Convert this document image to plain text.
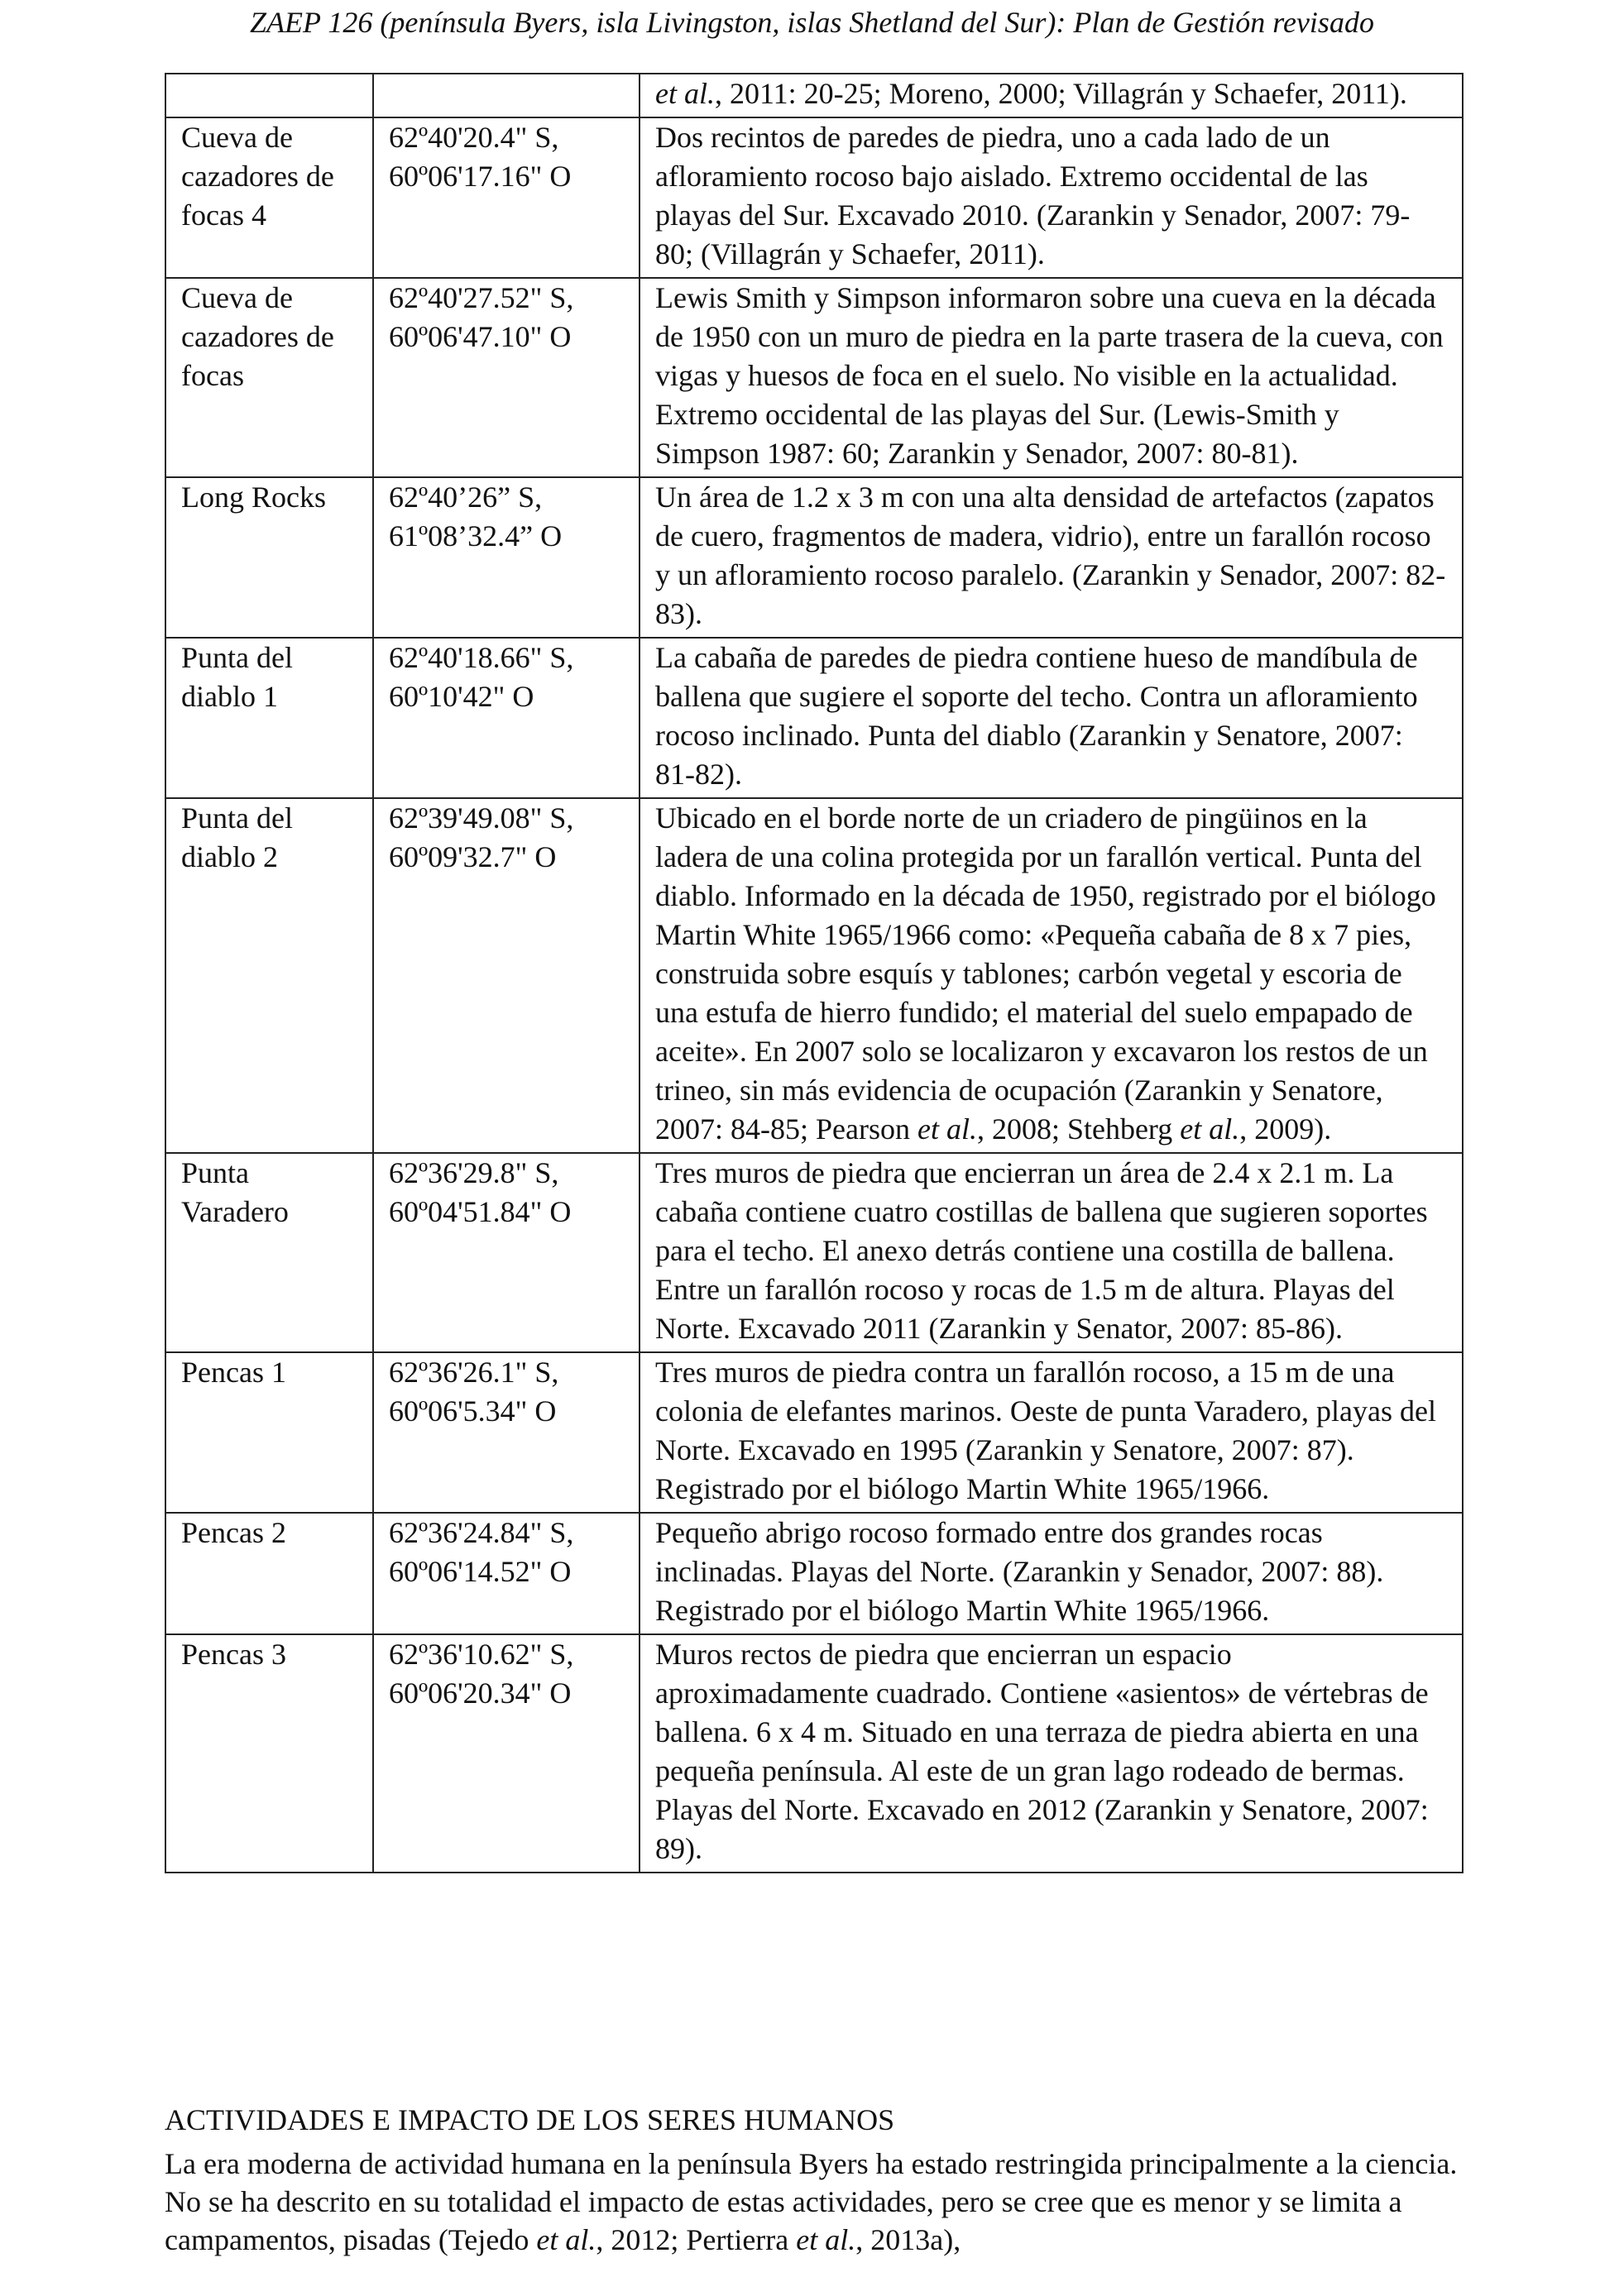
ZAEP 126 (península Byers, isla Livingston, islas Shetland del Sur): Plan de Gestión revisado
		et al., 2011: 20-25; Moreno, 2000; Villagrán y Schaefer, 2011).
Cueva de cazadores de focas 4	62º40'20.4" S, 60º06'17.16" O	Dos recintos de paredes de piedra, uno a cada lado de un afloramiento rocoso bajo aislado. Extremo occidental de las playas del Sur. Excavado 2010. (Zarankin y Senador, 2007: 79-80; (Villagrán y Schaefer, 2011).
Cueva de cazadores de focas	62º40'27.52" S, 60º06'47.10" O	Lewis Smith y Simpson informaron sobre una cueva en la década de 1950 con un muro de piedra en la parte trasera de la cueva, con vigas y huesos de foca en el suelo. No visible en la actualidad. Extremo occidental de las playas del Sur. (Lewis-Smith y Simpson 1987: 60; Zarankin y Senador, 2007: 80-81).
Long Rocks	62º40’26” S, 61º08’32.4” O	Un área de 1.2 x 3 m con una alta densidad de artefactos (zapatos de cuero, fragmentos de madera, vidrio), entre un farallón rocoso y un afloramiento rocoso paralelo. (Zarankin y Senador, 2007: 82-83).
Punta del diablo 1	62º40'18.66" S, 60º10'42" O	La cabaña de paredes de piedra contiene hueso de mandíbula de ballena que sugiere el soporte del techo. Contra un afloramiento rocoso inclinado. Punta del diablo (Zarankin y Senatore, 2007: 81-82).
Punta del diablo 2	62º39'49.08" S, 60º09'32.7" O	Ubicado en el borde norte de un criadero de pingüinos en la ladera de una colina protegida por un farallón vertical. Punta del diablo. Informado en la década de 1950, registrado por el biólogo Martin White 1965/1966 como: «Pequeña cabaña de 8 x 7 pies, construida sobre esquís y tablones; carbón vegetal y escoria de una estufa de hierro fundido; el material del suelo empapado de aceite». En 2007 solo se localizaron y excavaron los restos de un trineo, sin más evidencia de ocupación (Zarankin y Senatore, 2007: 84-85; Pearson et al., 2008; Stehberg et al., 2009).
Punta Varadero	62º36'29.8" S, 60º04'51.84" O	Tres muros de piedra que encierran un área de 2.4 x 2.1 m. La cabaña contiene cuatro costillas de ballena que sugieren soportes para el techo. El anexo detrás contiene una costilla de ballena. Entre un farallón rocoso y rocas de 1.5 m de altura. Playas del Norte. Excavado 2011 (Zarankin y Senator, 2007: 85-86).
Pencas 1	62º36'26.1" S, 60º06'5.34" O	Tres muros de piedra contra un farallón rocoso, a 15 m de una colonia de elefantes marinos. Oeste de punta Varadero, playas del Norte. Excavado en 1995 (Zarankin y Senatore, 2007: 87). Registrado por el biólogo Martin White 1965/1966.
Pencas 2	62º36'24.84" S, 60º06'14.52" O	Pequeño abrigo rocoso formado entre dos grandes rocas inclinadas. Playas del Norte. (Zarankin y Senador, 2007: 88). Registrado por el biólogo Martin White 1965/1966.
Pencas 3	62º36'10.62" S, 60º06'20.34" O	Muros rectos de piedra que encierran un espacio aproximadamente cuadrado. Contiene «asientos» de vértebras de ballena. 6 x 4 m. Situado en una terraza de piedra abierta en una pequeña península. Al este de un gran lago rodeado de bermas. Playas del Norte. Excavado en 2012 (Zarankin y Senatore, 2007: 89).
ACTIVIDADES E IMPACTO DE LOS SERES HUMANOS
La era moderna de actividad humana en la península Byers ha estado restringida principalmente a la ciencia. No se ha descrito en su totalidad el impacto de estas actividades, pero se cree que es menor y se limita a campamentos, pisadas (Tejedo et al., 2012; Pertierra et al., 2013a),
